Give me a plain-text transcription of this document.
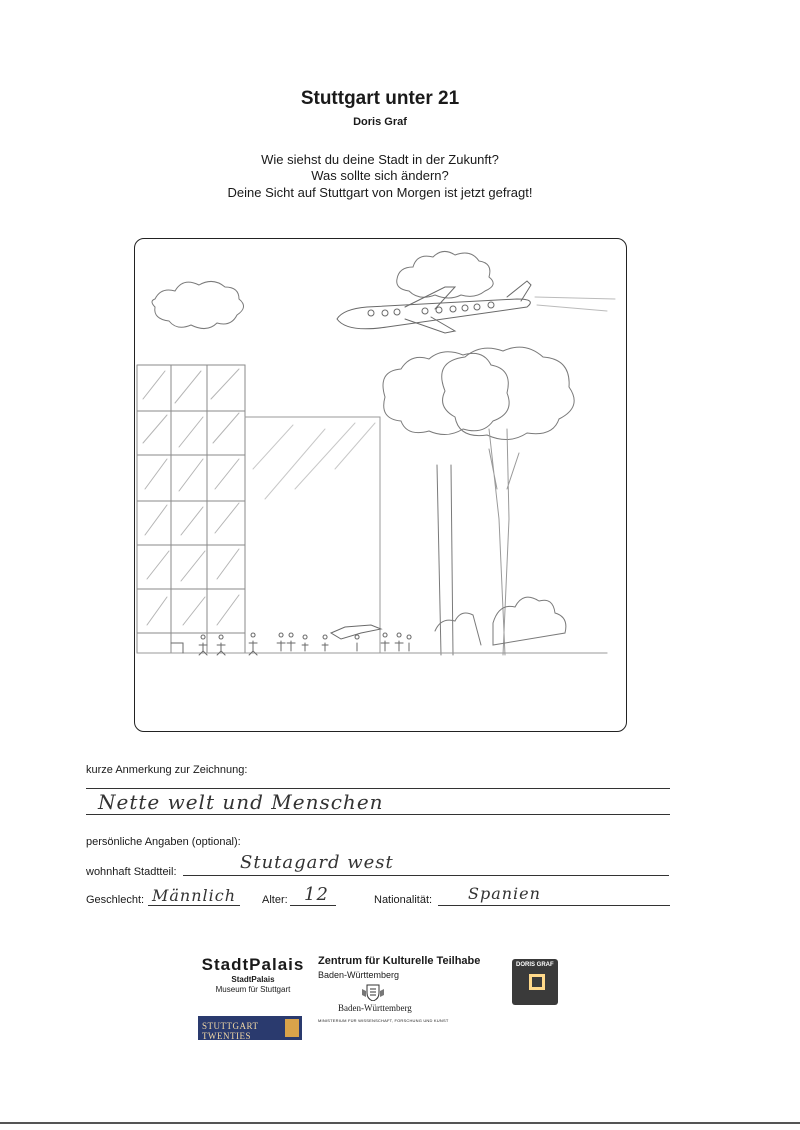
Stuttgart unter 21
Doris Graf
Wie siehst du deine Stadt in der Zukunft?
Was sollte sich ändern?
Deine Sicht auf Stuttgart von Morgen ist jetzt gefragt!
kurze Anmerkung zur Zeichnung:
Nette welt und Menschen
persönliche Angaben (optional):
wohnhaft Stadtteil:	Stutagard west
Geschlecht: Männlich Alter: 12	Nationalität: Spanien
StadtPalais
StadtPalais
Museum für Stuttgart
STUTTGART TWENTIES
Zentrum für Kulturelle Teilhabe
Baden-Württemberg
Baden-Württemberg
MINISTERIUM FÜR WISSENSCHAFT, FORSCHUNG UND KUNST
DORIS GRAF
